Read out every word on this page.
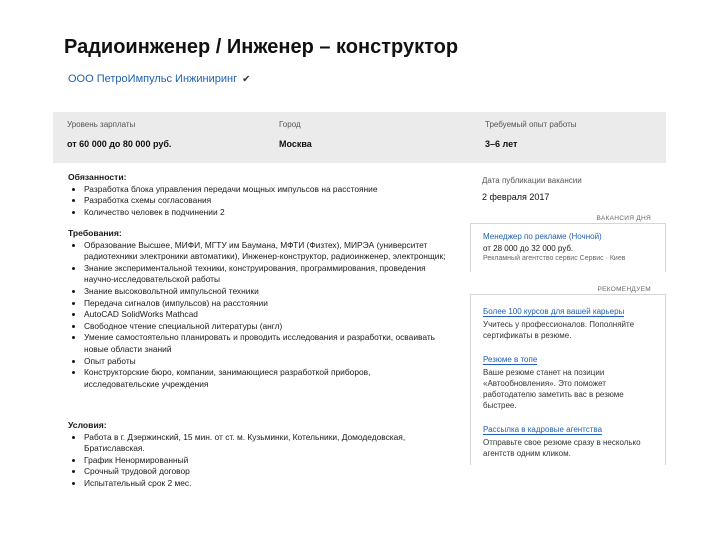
Радиоинженер / Инженер – конструктор
ООО ПетроИмпульс Инжиниринг ✔
Уровень зарплаты
от 60 000 до 80 000 руб.
Город
Москва
Требуемый опыт работы
3–6 лет
Обязанности:
• Разработка блока управления передачи мощных импульсов на расстояние
• Разработка схемы согласования
• Количество человек в подчинении 2
Требования:
• Образование Высшее, МИФИ, МГТУ им Баумана, МФТИ (Физтех), МИРЭА (университет радиотехники электроники автоматики), Инженер-конструктор, радиоинженер, электронщик;
• Знание экспериментальной техники, конструирования, программирования, проведения научно-исследовательской работы
• Знание высоковольтной импульсной техники
• Передача сигналов (импульсов) на расстоянии
• AutoCAD SolidWorks Mathcad
• Свободное чтение специальной литературы (англ)
• Умение самостоятельно планировать и проводить исследования и разработки, осваивать новые области знаний
• Опыт работы
• Конструкторские бюро, компании, занимающиеся разработкой приборов, исследовательские учреждения
Условия:
• Работа в г. Дзержинский, 15 мин. от ст. м. Кузьминки, Котельники, Домодедовская, Братиславская.
• График Ненормированный
• Срочный трудовой договор
• Испытательный срок 2 мес.
Дата публикации вакансии
2 февраля 2017
ВАКАНСИЯ ДНЯ
Менеджер по рекламе (Ночной)
от 28 000 до 32 000 руб.
Рекламный агентство сервис Сервис · Киев
РЕКОМЕНДУЕМ
Более 100 курсов для вашей карьеры
Учитесь у профессионалов. Пополняйте сертификаты в резюме.
Резюме в топе
Ваше резюме станет на позиции «Автообновления». Это поможет работодателю заметить вас в резюме быстрее.
Рассылка в кадровые агентства
Отправьте свое резюме сразу в несколько агентств одним кликом.
